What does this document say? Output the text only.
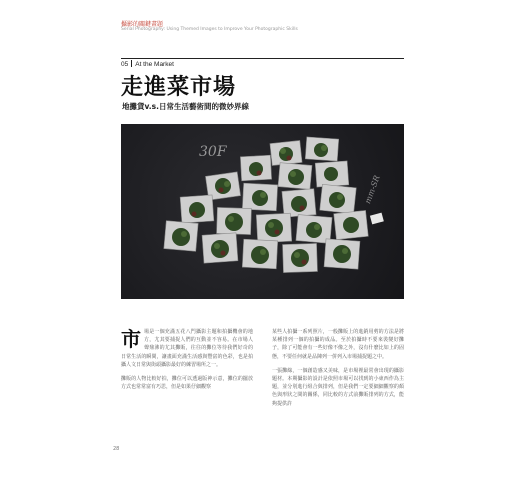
攝影的關鍵畫題
Serial Photography: Using Themed Images to Improve Your Photographic Skills
05 At the Market
走進菜市場
地攤貨v.s.日常生活藝術間的微妙界線
30F
mm-SR

市場是一個充滿五花八門攝影主題和拍攝機會的地方，尤其要捕捉人們的互動並不容易。在市場人聲鼎沸的尤其攤販，往往的攤位等待我們好奇的日常生活的瞬間，讓畫面充滿生活感與豐富的色彩，也是拍攝人文日常與街頭攝影最好的練習場所之一。

攤販的人物比較好拍，攤位可以透過版神示意，攤位的擺放方式也常常富有巧思，但是如果仔細觀察

某些人拍攝一系列照片，一般攤販上的進銷用剪的方法是將某種排列一個的拍攝的成品。至於拍攝時不要來裝變好攤子，除了可能會有一些好像不像之外，沒有什麼比如上的固態，不要任何就是品陳列一併列入市場捕捉題之中。

一張攤綠，一個創造感又美味，是市場裡最常會出現的攝影題材。本期攝影的設計是依照市場可以找到的小東西作為主題，並分別進行組合與排列，但是我們一定要細細觀察的顏色與形狀之間的關係，同比較的方式前攤販排列的方式，能夠提供許

28
